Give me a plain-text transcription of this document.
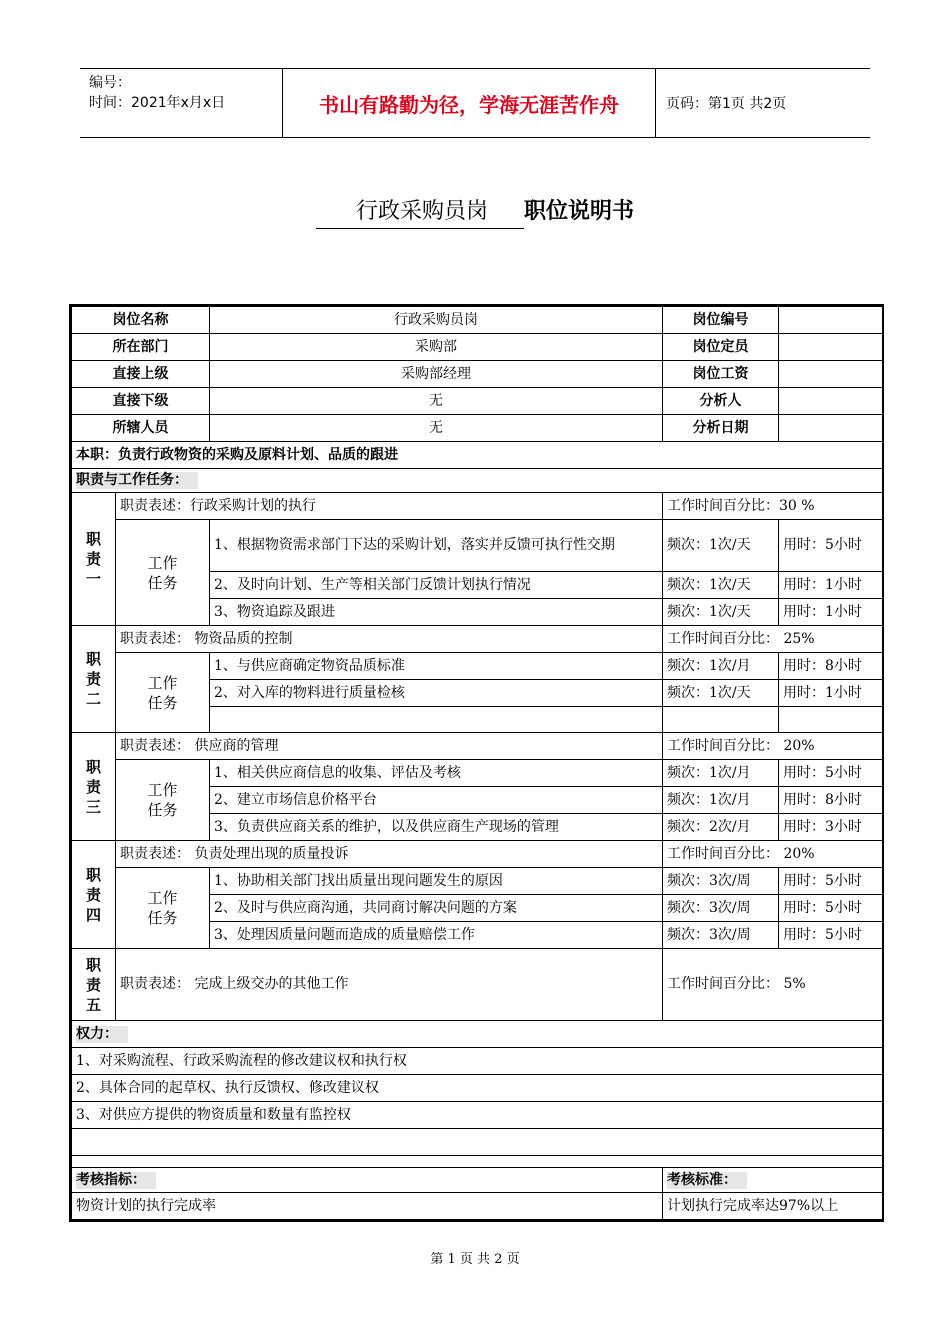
编号：
时间：2021年x月x日	书山有路勤为径，学海无涯苦作舟	页码：第1页 共2页
行政采购员岗 职位说明书
岗位名称		行政采购员岗	岗位编号	
所在部门		采购部	岗位定员	
直接上级		采购部经理	岗位工资	
直接下级		无	分析人	
所辖人员		无	分析日期	
本职：负责行政物资的采购及原料计划、品质的跟进				
职责与工作任务：				

职
责
一	职责表述：行政采购计划的执行		工作时间百分比：30 %	

	工作
任务	1、根据物资需求部门下达的采购计划，落实并反馈可执行性交期	频次：1次/天	用时：5小时
		2、及时向计划、生产等相关部门反馈计划执行情况	频次：1次/天	用时：1小时
		3、物资追踪及跟进	频次：1次/天	用时：1小时

职
责
二	职责表述： 物资品质的控制		工作时间百分比： 25%	

	工作
任务	1、与供应商确定物资品质标准	频次：1次/月	用时：8小时
		2、对入库的物料进行质量检核	频次：1次/天	用时：1小时

职
责
三	职责表述： 供应商的管理		工作时间百分比： 20%	

	工作
任务	1、相关供应商信息的收集、评估及考核	频次：1次/月	用时：5小时
		2、建立市场信息价格平台	频次：1次/月	用时：8小时
		3、负责供应商关系的维护，以及供应商生产现场的管理	频次：2次/月	用时：3小时

职
责
四	职责表述： 负责处理出现的质量投诉		工作时间百分比： 20%	

	工作
任务	1、协助相关部门找出质量出现问题发生的原因	频次：3次/周	用时：5小时
		2、及时与供应商沟通，共同商讨解决问题的方案	频次：3次/周	用时：5小时
		3、处理因质量问题而造成的质量赔偿工作	频次：3次/周	用时：5小时

职
责
五	职责表述： 完成上级交办的其他工作		工作时间百分比： 5%	
权力：				
1、对采购流程、行政采购流程的修改建议权和执行权				
2、具体合同的起草权、执行反馈权、修改建议权				
3、对供应方提供的物资质量和数量有监控权				

考核指标：			考核标准：	
物资计划的执行完成率			计划执行完成率达97%以上	
第 1 页 共 2 页
